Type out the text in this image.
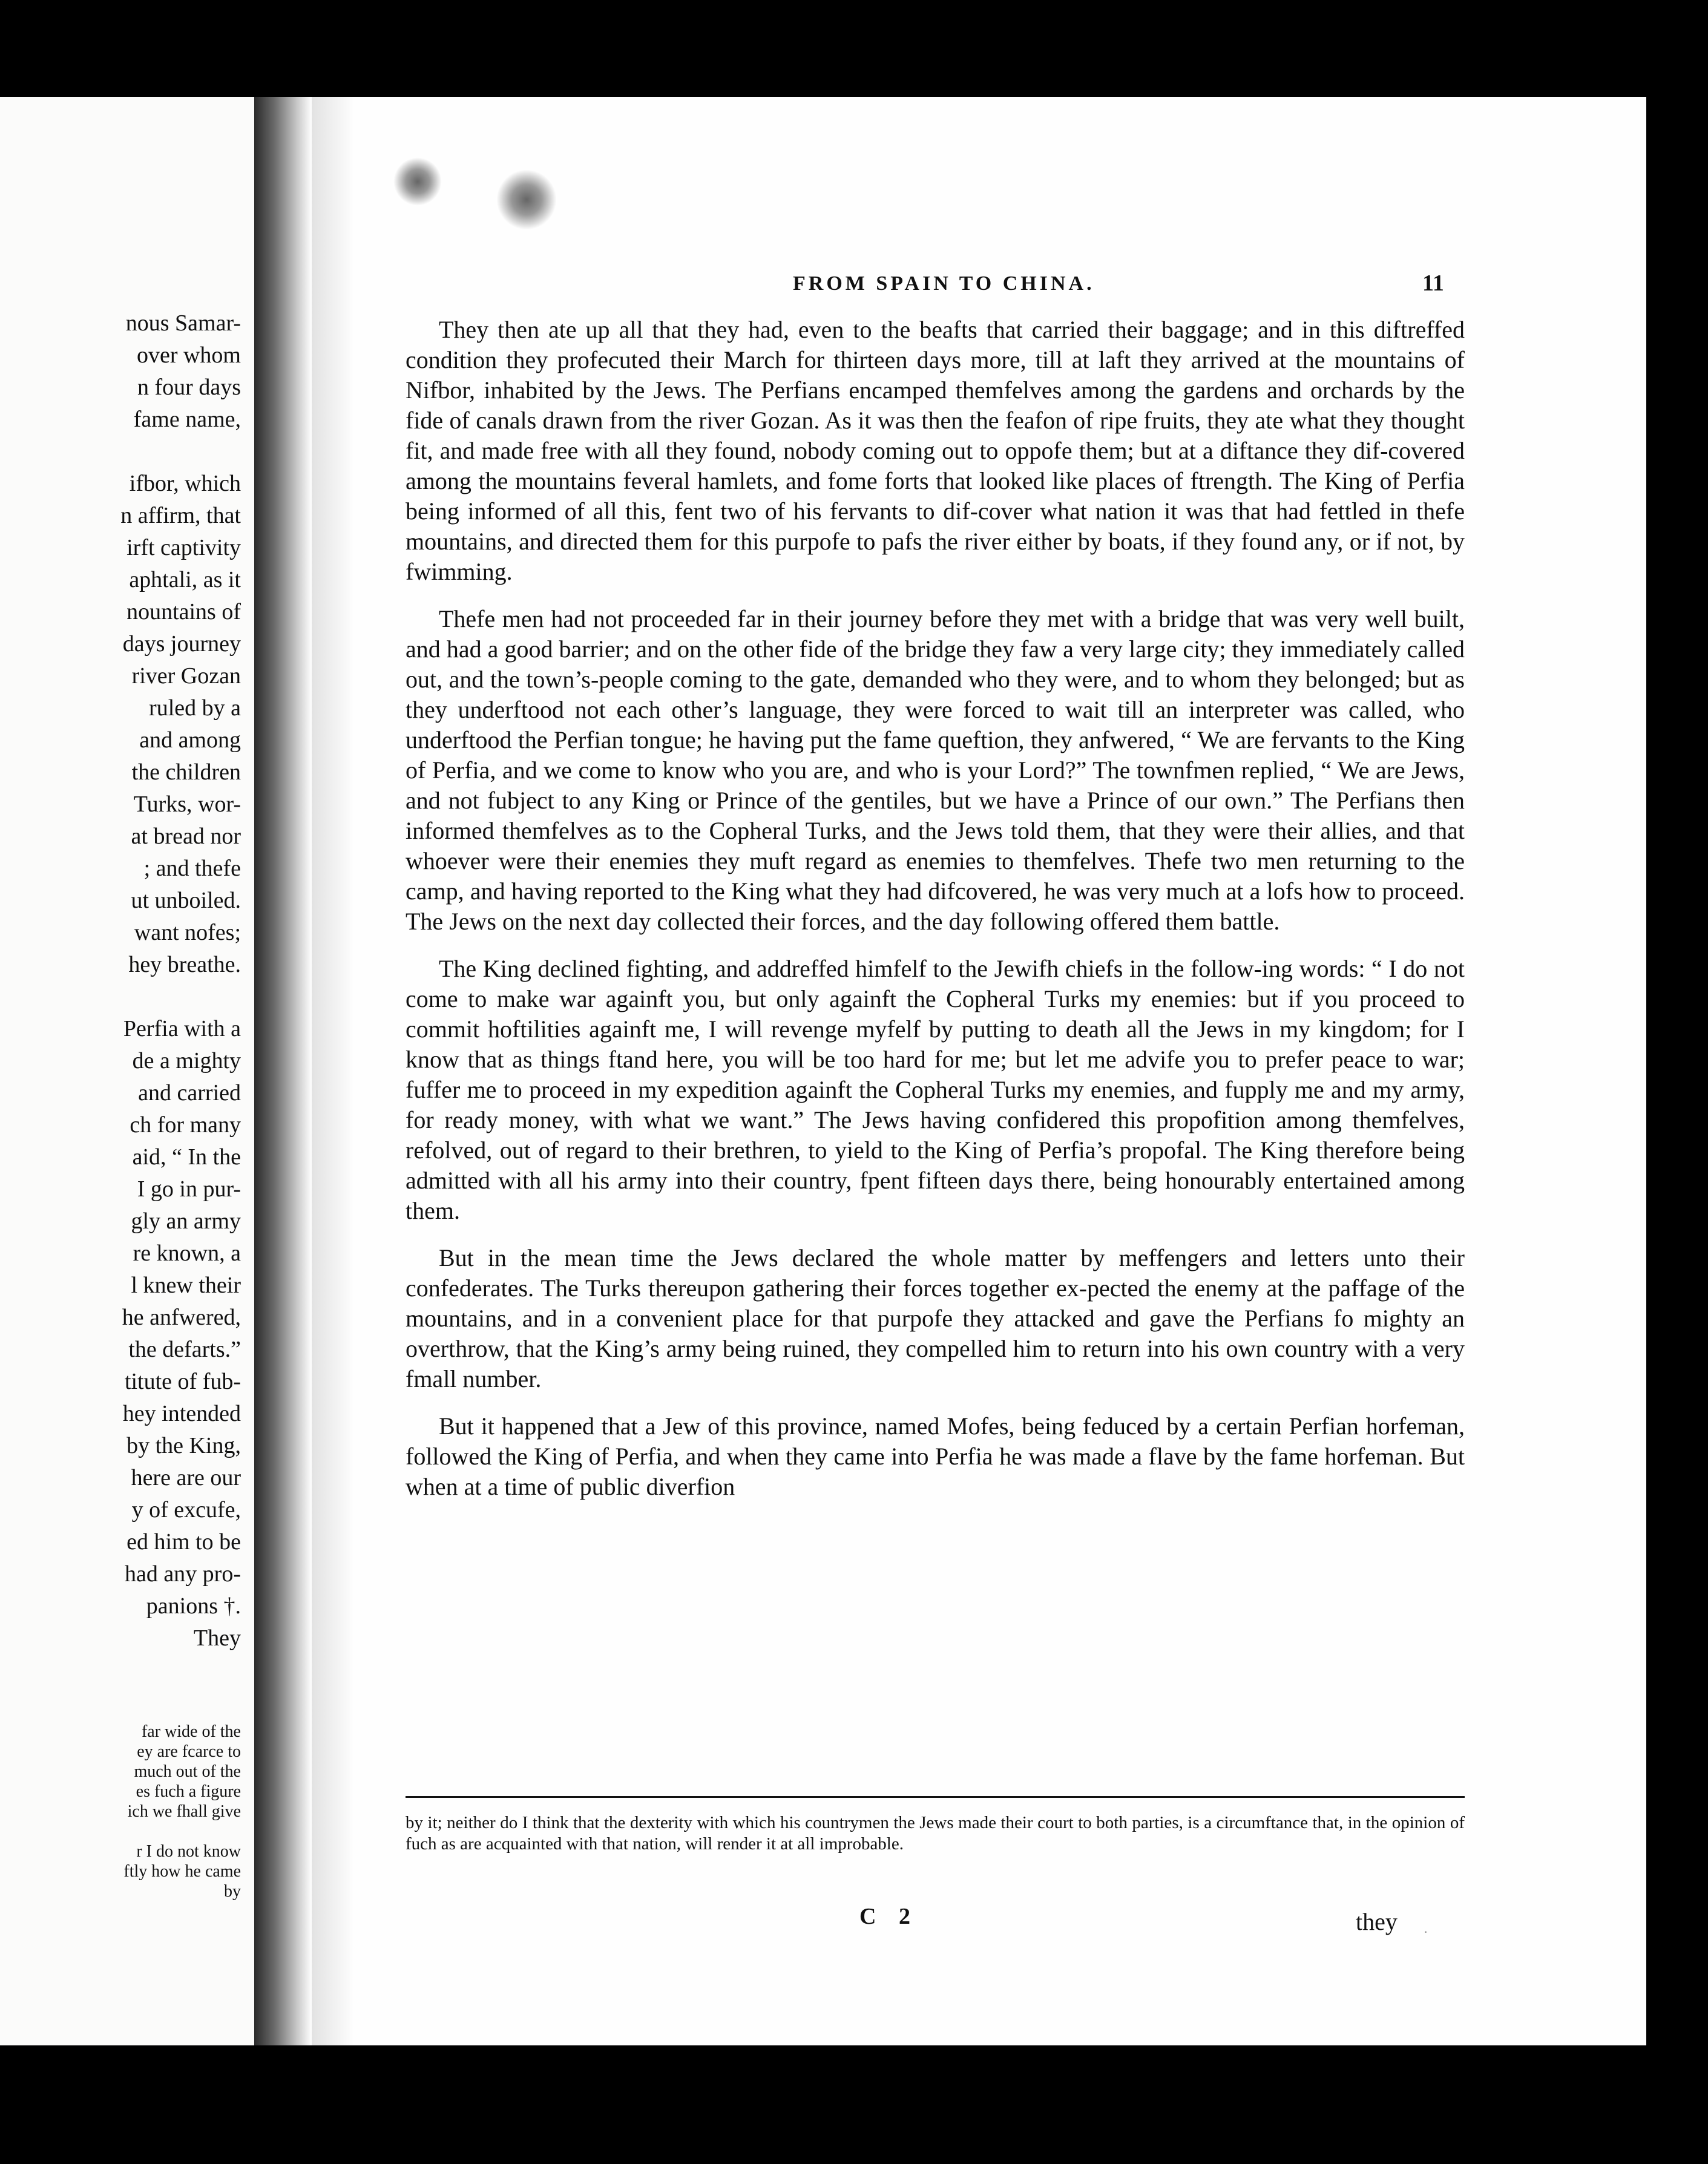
nous Samar-
over whom
n four days
fame name,

ifbor, which
n affirm, that
irft captivity
aphtali, as it
nountains of
days journey
river Gozan
ruled by a
and among
the children
Turks, wor-
at bread nor
; and thefe
ut unboiled.
want nofes;
hey breathe.

Perfia with a
de a mighty
and carried
ch for many
aid, “ In the
I go in pur-
gly an army
re known, a
l knew their
he anfwered,
the defarts.”
titute of fub-
hey intended
by the King,
here are our
y of excufe,
ed him to be
had any pro-
panions †.
They
far wide of the
ey are fcarce to
much out of the
es fuch a figure
ich we fhall give

r I do not know
ftly how he came
by
FROM SPAIN TO CHINA.	11

They then ate up all that they had, even to the beafts that carried their baggage; and in this diftreffed condition they profecuted their March for thirteen days more, till at laft they arrived at the mountains of Nifbor, inhabited by the Jews. The Perfians encamped themfelves among the gardens and orchards by the fide of canals drawn from the river Gozan. As it was then the feafon of ripe fruits, they ate what they thought fit, and made free with all they found, nobody coming out to oppofe them; but at a diftance they dif-covered among the mountains feveral hamlets, and fome forts that looked like places of ftrength. The King of Perfia being informed of all this, fent two of his fervants to dif-cover what nation it was that had fettled in thefe mountains, and directed them for this purpofe to pafs the river either by boats, if they found any, or if not, by fwimming.

Thefe men had not proceeded far in their journey before they met with a bridge that was very well built, and had a good barrier; and on the other fide of the bridge they faw a very large city; they immediately called out, and the town’s-people coming to the gate, demanded who they were, and to whom they belonged; but as they underftood not each other’s language, they were forced to wait till an interpreter was called, who underftood the Perfian tongue; he having put the fame queftion, they anfwered, “ We are fervants to the King of Perfia, and we come to know who you are, and who is your Lord?” The townfmen replied, “ We are Jews, and not fubject to any King or Prince of the gentiles, but we have a Prince of our own.” The Perfians then informed themfelves as to the Copheral Turks, and the Jews told them, that they were their allies, and that whoever were their enemies they muft regard as enemies to themfelves. Thefe two men returning to the camp, and having reported to the King what they had difcovered, he was very much at a lofs how to proceed. The Jews on the next day collected their forces, and the day following offered them battle.

The King declined fighting, and addreffed himfelf to the Jewifh chiefs in the follow-ing words: “ I do not come to make war againft you, but only againft the Copheral Turks my enemies: but if you proceed to commit hoftilities againft me, I will revenge myfelf by putting to death all the Jews in my kingdom; for I know that as things ftand here, you will be too hard for me; but let me advife you to prefer peace to war; fuffer me to proceed in my expedition againft the Copheral Turks my enemies, and fupply me and my army, for ready money, with what we want.” The Jews having confidered this propofition among themfelves, refolved, out of regard to their brethren, to yield to the King of Perfia’s propofal. The King therefore being admitted with all his army into their country, fpent fifteen days there, being honourably entertained among them.

But in the mean time the Jews declared the whole matter by meffengers and letters unto their confederates. The Turks thereupon gathering their forces together ex-pected the enemy at the paffage of the mountains, and in a convenient place for that purpofe they attacked and gave the Perfians fo mighty an overthrow, that the King’s army being ruined, they compelled him to return into his own country with a very fmall number.

But it happened that a Jew of this province, named Mofes, being feduced by a certain Perfian horfeman, followed the King of Perfia, and when they came into Perfia he was made a flave by the fame horfeman. But when at a time of public diverfion

by it; neither do I think that the dexterity with which his countrymen the Jews made their court to both parties, is a circumftance that, in the opinion of fuch as are acquainted with that nation, will render it at all improbable.
C 2	they ·
